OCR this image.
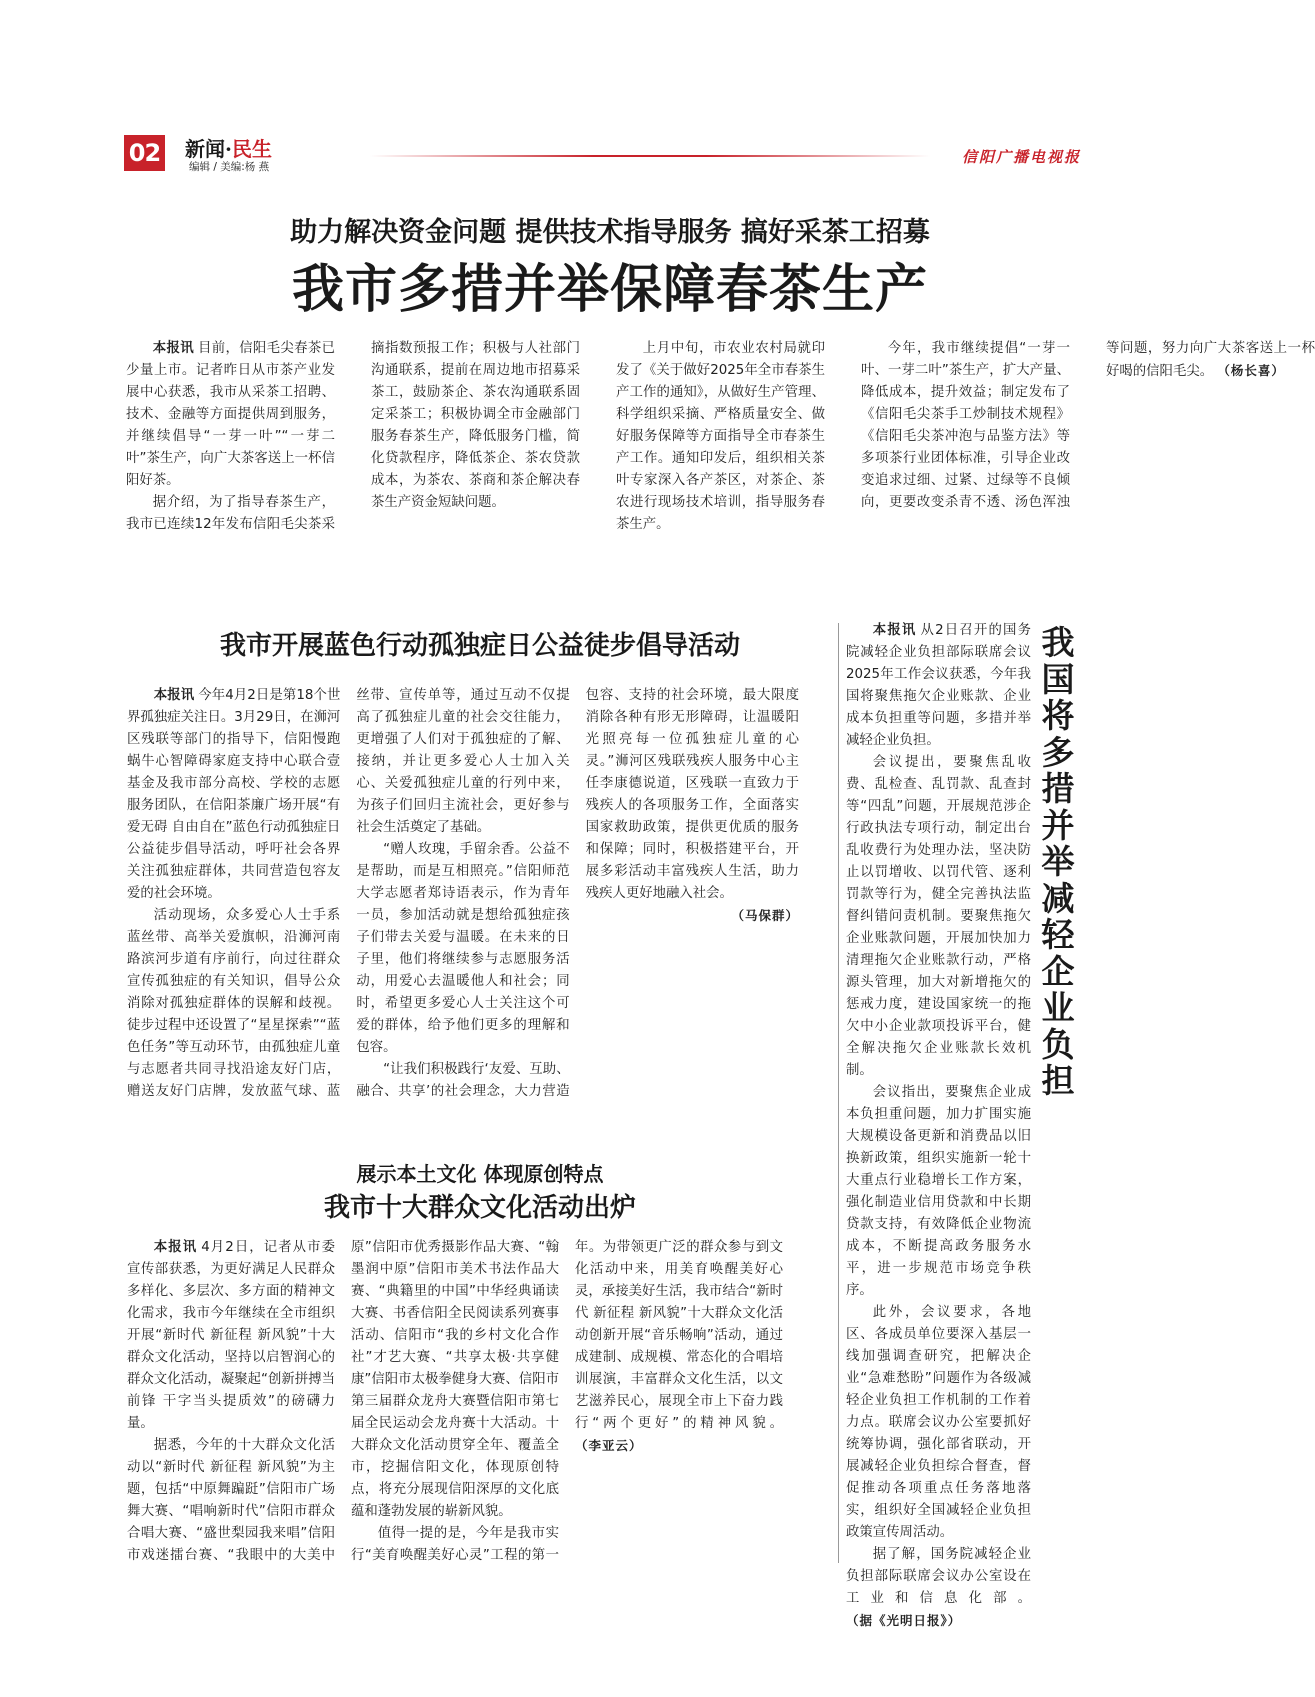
02 新闻·民生
编辑 / 美编:杨 燕
信阳广播电视报
助力解决资金问题 提供技术指导服务 搞好采茶工招募
我市多措并举保障春茶生产

本报讯 目前，信阳毛尖春茶已少量上市。记者昨日从市茶产业发展中心获悉，我市从采茶工招聘、技术、金融等方面提供周到服务，并继续倡导“一芽一叶”“一芽二叶”茶生产，向广大茶客送上一杯信阳好茶。

据介绍，为了指导春茶生产，我市已连续12年发布信阳毛尖茶采摘指数预报工作；积极与人社部门沟通联系，提前在周边地市招募采茶工，鼓励茶企、茶农沟通联系固定采茶工；积极协调全市金融部门服务春茶生产，降低服务门槛，简化贷款程序，降低茶企、茶农贷款成本，为茶农、茶商和茶企解决春茶生产资金短缺问题。

上月中旬，市农业农村局就印发了《关于做好2025年全市春茶生产工作的通知》，从做好生产管理、科学组织采摘、严格质量安全、做好服务保障等方面指导全市春茶生产工作。通知印发后，组织相关茶叶专家深入各产茶区，对茶企、茶农进行现场技术培训，指导服务春茶生产。

今年，我市继续提倡“一芽一叶、一芽二叶”茶生产，扩大产量、降低成本，提升效益；制定发布了《信阳毛尖茶手工炒制技术规程》《信阳毛尖茶冲泡与品鉴方法》等多项茶行业团体标准，引导企业改变追求过细、过紧、过绿等不良倾向，更要改变杀青不透、汤色浑浊等问题，努力向广大茶客送上一杯好喝的信阳毛尖。 （杨长喜）

我市开展蓝色行动孤独症日公益徒步倡导活动

本报讯 今年4月2日是第18个世界孤独症关注日。3月29日，在浉河区残联等部门的指导下，信阳慢跑蜗牛心智障碍家庭支持中心联合壹基金及我市部分高校、学校的志愿服务团队，在信阳茶廉广场开展“有爱无碍 自由自在”蓝色行动孤独症日公益徒步倡导活动，呼吁社会各界关注孤独症群体，共同营造包容友爱的社会环境。

活动现场，众多爱心人士手系蓝丝带、高举关爱旗帜，沿浉河南路滨河步道有序前行，向过往群众宣传孤独症的有关知识，倡导公众消除对孤独症群体的误解和歧视。徒步过程中还设置了“星星探索”“蓝色任务”等互动环节，由孤独症儿童与志愿者共同寻找沿途友好门店，赠送友好门店牌，发放蓝气球、蓝丝带、宣传单等，通过互动不仅提高了孤独症儿童的社会交往能力，更增强了人们对于孤独症的了解、接纳，并让更多爱心人士加入关心、关爱孤独症儿童的行列中来，为孩子们回归主流社会，更好参与社会生活奠定了基础。

“赠人玫瑰，手留余香。公益不是帮助，而是互相照亮。”信阳师范大学志愿者郑诗语表示，作为青年一员，参加活动就是想给孤独症孩子们带去关爱与温暖。在未来的日子里，他们将继续参与志愿服务活动，用爱心去温暖他人和社会；同时，希望更多爱心人士关注这个可爱的群体，给予他们更多的理解和包容。

“让我们积极践行‘友爱、互助、融合、共享’的社会理念，大力营造包容、支持的社会环境，最大限度消除各种有形无形障碍，让温暖阳光照亮每一位孤独症儿童的心灵。”浉河区残联残疾人服务中心主任李康德说道，区残联一直致力于残疾人的各项服务工作，全面落实国家救助政策，提供更优质的服务和保障；同时，积极搭建平台，开展多彩活动丰富残疾人生活，助力残疾人更好地融入社会。

（马保群）

展示本土文化 体现原创特点
我市十大群众文化活动出炉

本报讯 4月2日，记者从市委宣传部获悉，为更好满足人民群众多样化、多层次、多方面的精神文化需求，我市今年继续在全市组织开展“新时代 新征程 新风貌”十大群众文化活动，坚持以启智润心的群众文化活动，凝聚起“创新拼搏当前锋 干字当头提质效”的磅礴力量。

据悉，今年的十大群众文化活动以“新时代 新征程 新风貌”为主题，包括“中原舞蹁跹”信阳市广场舞大赛、“唱响新时代”信阳市群众合唱大赛、“盛世梨园我来唱”信阳市戏迷擂台赛、“我眼中的大美中原”信阳市优秀摄影作品大赛、“翰墨润中原”信阳市美术书法作品大赛、“典籍里的中国”中华经典诵读大赛、书香信阳全民阅读系列赛事活动、信阳市“我的乡村文化合作社”才艺大赛、“共享太极·共享健康”信阳市太极拳健身大赛、信阳市第三届群众龙舟大赛暨信阳市第七届全民运动会龙舟赛十大活动。十大群众文化活动贯穿全年、覆盖全市，挖掘信阳文化，体现原创特点，将充分展现信阳深厚的文化底蕴和蓬勃发展的崭新风貌。

值得一提的是，今年是我市实行“美育唤醒美好心灵”工程的第一年。为带领更广泛的群众参与到文化活动中来，用美育唤醒美好心灵，承接美好生活，我市结合“新时代 新征程 新风貌”十大群众文化活动创新开展“音乐畅响”活动，通过成建制、成规模、常态化的合唱培训展演，丰富群众文化生活，以文艺滋养民心，展现全市上下奋力践行“两个更好”的精神风貌。 （李亚云）

我国将多措并举减轻企业负担

本报讯 从2日召开的国务院减轻企业负担部际联席会议2025年工作会议获悉，今年我国将聚焦拖欠企业账款、企业成本负担重等问题，多措并举减轻企业负担。

会议提出，要聚焦乱收费、乱检查、乱罚款、乱查封等“四乱”问题，开展规范涉企行政执法专项行动，制定出台乱收费行为处理办法，坚决防止以罚增收、以罚代管、逐利罚款等行为，健全完善执法监督纠错问责机制。要聚焦拖欠企业账款问题，开展加快加力清理拖欠企业账款行动，严格源头管理，加大对新增拖欠的惩戒力度，建设国家统一的拖欠中小企业款项投诉平台，健全解决拖欠企业账款长效机制。

会议指出，要聚焦企业成本负担重问题，加力扩围实施大规模设备更新和消费品以旧换新政策，组织实施新一轮十大重点行业稳增长工作方案，强化制造业信用贷款和中长期贷款支持，有效降低企业物流成本，不断提高政务服务水平，进一步规范市场竞争秩序。

此外，会议要求，各地区、各成员单位要深入基层一线加强调查研究，把解决企业“急难愁盼”问题作为各级减轻企业负担工作机制的工作着力点。联席会议办公室要抓好统筹协调，强化部省联动，开展减轻企业负担综合督查，督促推动各项重点任务落地落实，组织好全国减轻企业负担政策宣传周活动。

据了解，国务院减轻企业负担部际联席会议办公室设在工业和信息化部。 （据《光明日报》）
